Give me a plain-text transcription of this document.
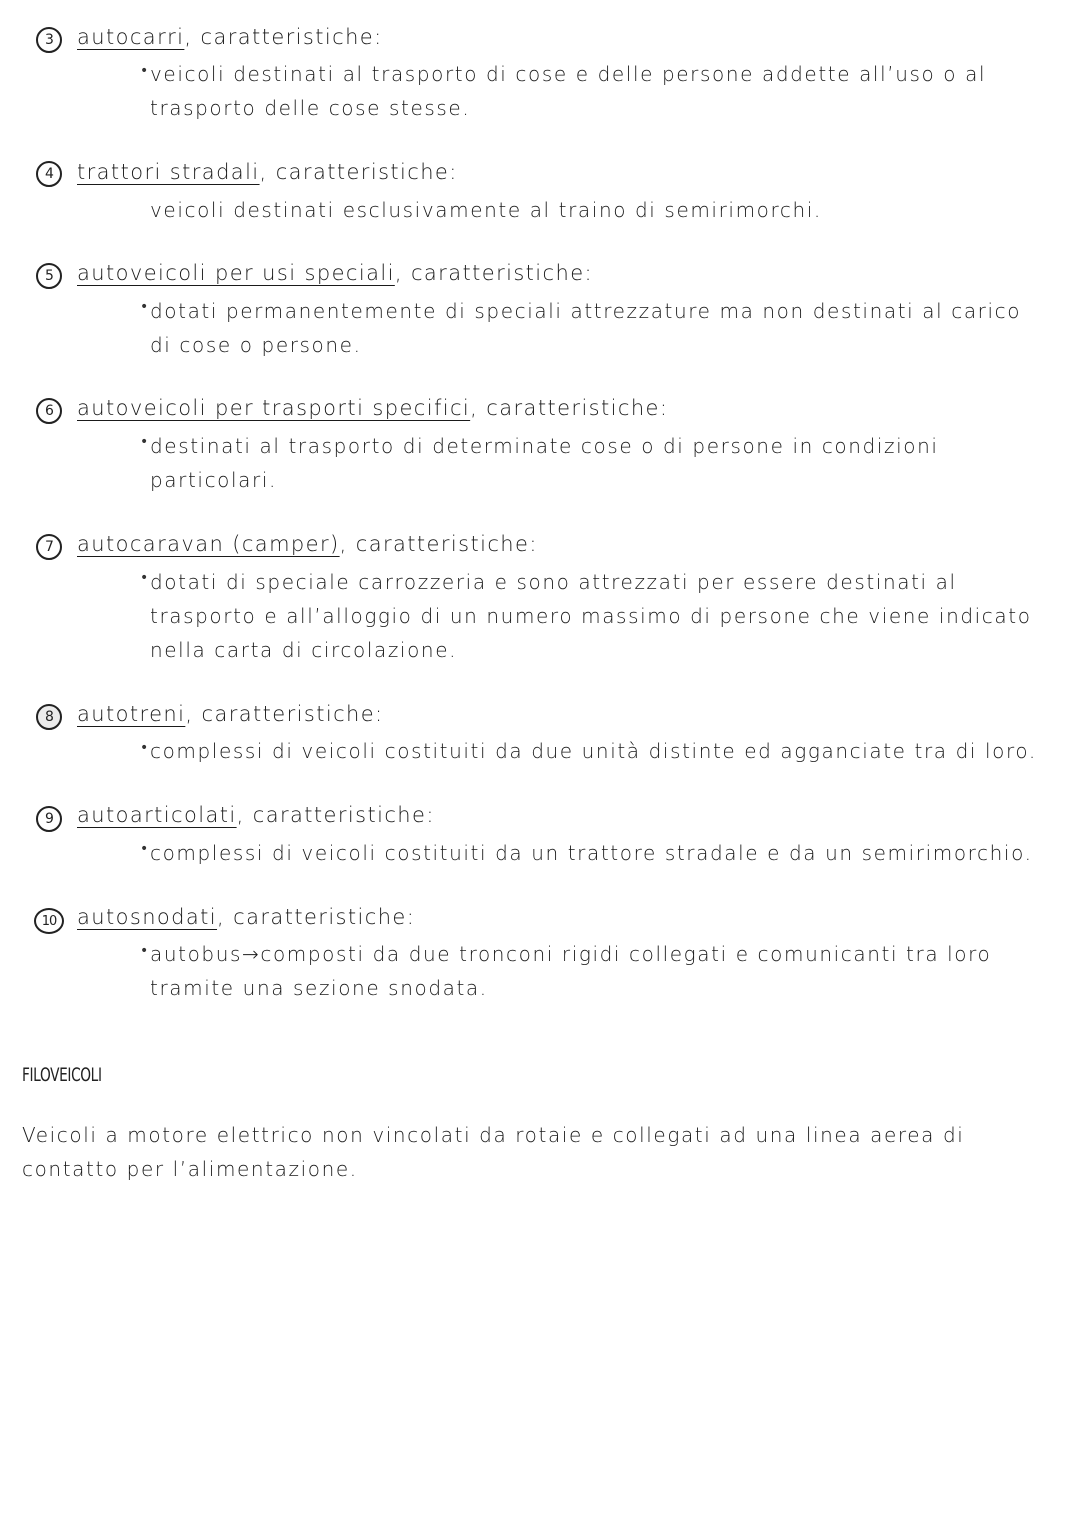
3	autocarri, caratteristiche:
• veicoli destinati al trasporto di cose e delle persone addette all’uso o al trasporto delle cose stesse.
4	trattori stradali, caratteristiche:
veicoli destinati esclusivamente al traino di semirimorchi.
5	autoveicoli per usi speciali, caratteristiche:
• dotati permanentemente di speciali attrezzature ma non destinati al carico di cose o persone.
6	autoveicoli per trasporti specifici, caratteristiche:
• destinati al trasporto di determinate cose o di persone in condizioni particolari.
7	autocaravan (camper), caratteristiche:
• dotati di speciale carrozzeria e sono attrezzati per essere destinati al trasporto e all’alloggio di un numero massimo di persone che viene indicato nella carta di circolazione.
8	autotreni, caratteristiche:
• complessi di veicoli costituiti da due unità distinte ed agganciate tra di loro.
9	autoarticolati, caratteristiche:
• complessi di veicoli costituiti da un trattore stradale e da un semirimorchio.
10 autosnodati, caratteristiche:
• autobus→composti da due tronconi rigidi collegati e comunicanti tra loro tramite una sezione snodata.
FILOVEICOLI
Veicoli a motore elettrico non vincolati da rotaie e collegati ad una linea aerea di contatto per l’alimentazione.
